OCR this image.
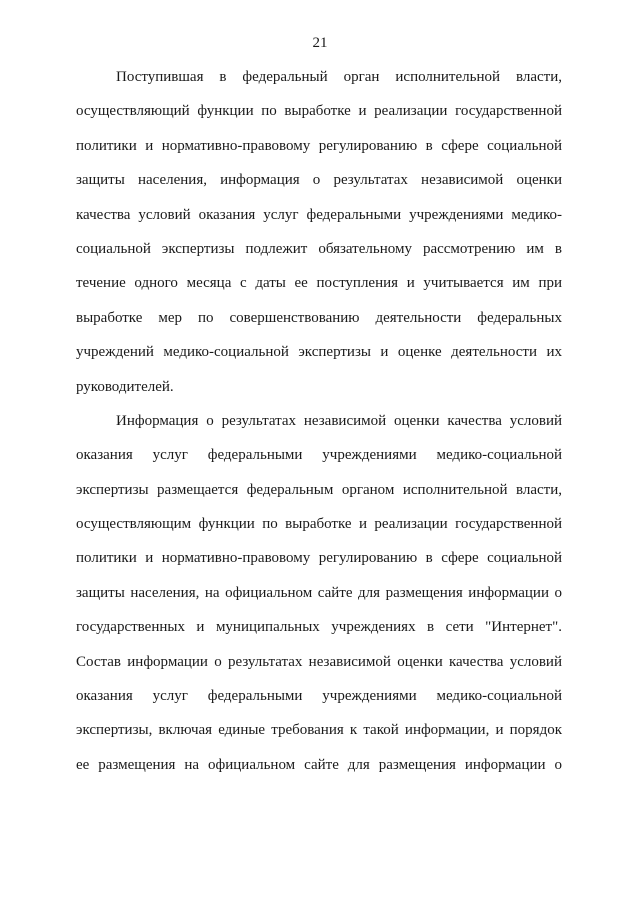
21
Поступившая в федеральный орган исполнительной власти,
осуществляющий функции по выработке и реализации государственной
политики и нормативно-правовому регулированию в сфере социальной
защиты населения, информация о результатах независимой оценки
качества условий оказания услуг федеральными учреждениями медико-
социальной экспертизы подлежит обязательному рассмотрению им в
течение одного месяца с даты ее поступления и учитывается им при
выработке мер по совершенствованию деятельности федеральных
учреждений медико-социальной экспертизы и оценке деятельности их
руководителей.
Информация о результатах независимой оценки качества условий
оказания услуг федеральными учреждениями медико-социальной
экспертизы размещается федеральным органом исполнительной власти,
осуществляющим функции по выработке и реализации государственной
политики и нормативно-правовому регулированию в сфере социальной
защиты населения, на официальном сайте для размещения информации о
государственных и муниципальных учреждениях в сети "Интернет".
Состав информации о результатах независимой оценки качества условий
оказания услуг федеральными учреждениями медико-социальной
экспертизы, включая единые требования к такой информации, и порядок
ее размещения на официальном сайте для размещения информации о
